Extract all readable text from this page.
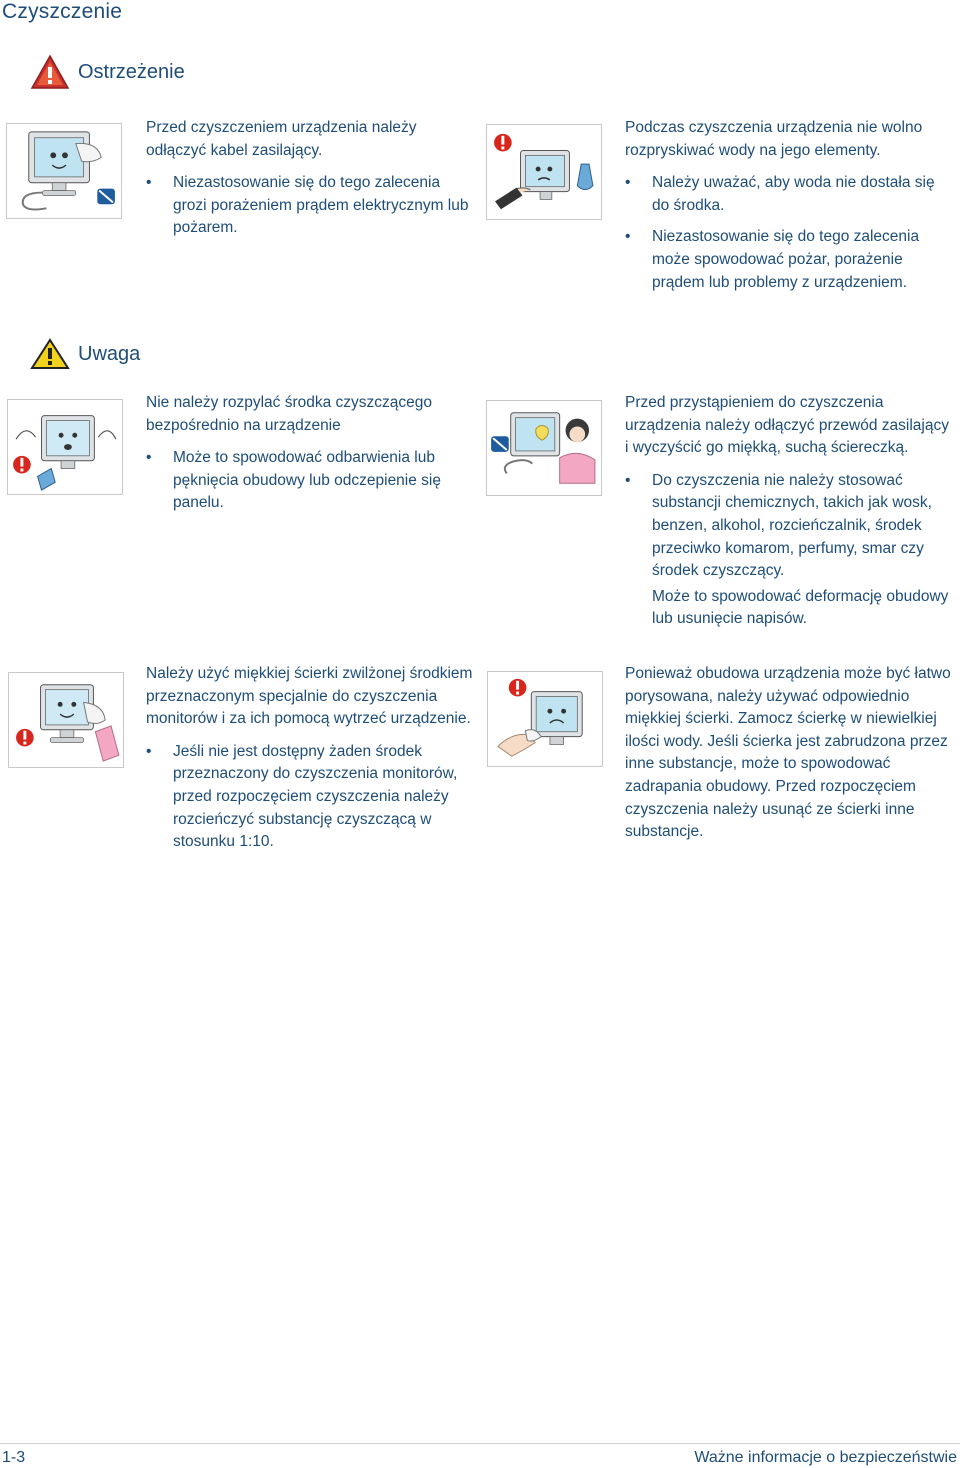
Czyszczenie
Ostrzeżenie

Przed czyszczeniem urządzenia należy odłączyć kabel zasilający.

• Niezastosowanie się do tego zalecenia grozi porażeniem prądem elektrycznym lub pożarem.

Podczas czyszczenia urządzenia nie wolno rozpryskiwać wody na jego elementy.

• Należy uważać, aby woda nie dostała się do środka.
• Niezastosowanie się do tego zalecenia może spowodować pożar, porażenie prądem lub problemy z urządzeniem.
Uwaga

Nie należy rozpylać środka czyszczącego bezpośrednio na urządzenie

• Może to spowodować odbarwienia lub pęknięcia obudowy lub odczepienie się panelu.

Przed przystąpieniem do czyszczenia urządzenia należy odłączyć przewód zasilający i wyczyścić go miękką, suchą ściereczką.

• Do czyszczenia nie należy stosować substancji chemicznych, takich jak wosk, benzen, alkohol, rozcieńczalnik, środek przeciwko komarom, perfumy, smar czy środek czyszczący.
Może to spowodować deformację obudowy lub usunięcie napisów.

Należy użyć miękkiej ścierki zwilżonej środkiem przeznaczonym specjalnie do czyszczenia monitorów i za ich pomocą wytrzeć urządzenie.

• Jeśli nie jest dostępny żaden środek przeznaczony do czyszczenia monitorów, przed rozpoczęciem czyszczenia należy rozcieńczyć substancję czyszczącą w stosunku 1:10.

Ponieważ obudowa urządzenia może być łatwo porysowana, należy używać odpowiednio miękkiej ścierki. Zamocz ścierkę w niewielkiej ilości wody. Jeśli ścierka jest zabrudzona przez inne substancje, może to spowodować zadrapania obudowy. Przed rozpoczęciem czyszczenia należy usunąć ze ścierki inne substancje.

1-3	Ważne informacje o bezpieczeństwie
